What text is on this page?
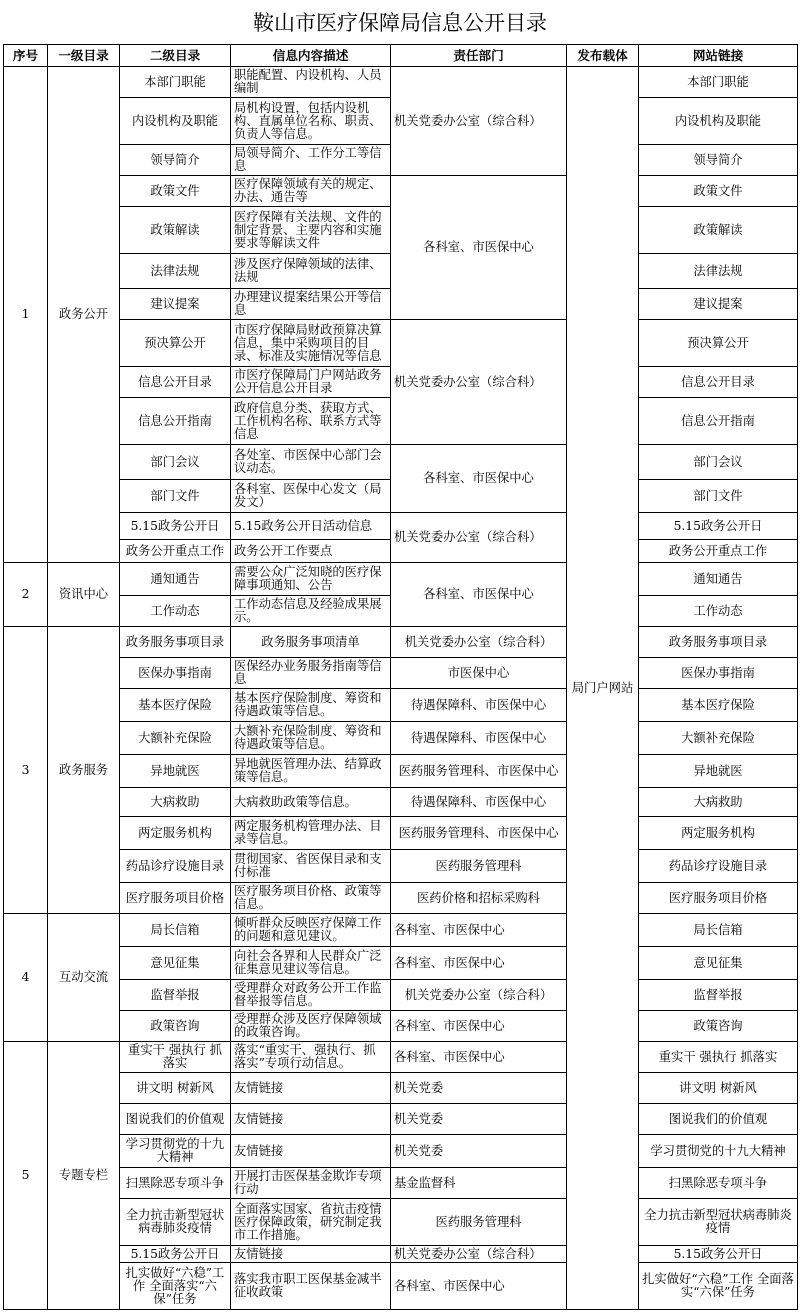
鞍山市医疗保障局信息公开目录
序号	一级目录	二级目录	信息内容描述	责任部门	发布载体	网站链接
1	政务公开	本部门职能	职能配置、内设机构、人员编制	机关党委办公室（综合科）	局门户网站	本部门职能
		内设机构及职能	局机构设置，包括内设机构、直属单位名称、职责、负责人等信息。			内设机构及职能
		领导简介	局领导简介、工作分工等信息			领导简介
		政策文件	医疗保障领域有关的规定、办法、通告等	各科室、市医保中心		政策文件
		政策解读	医疗保障有关法规、文件的制定背景、主要内容和实施要求等解读文件			政策解读
		法律法规	涉及医疗保障领域的法律、法规			法律法规
		建议提案	办理建议提案结果公开等信息			建议提案
		预决算公开	市医疗保障局财政预算决算信息，集中采购项目的目录、标准及实施情况等信息	机关党委办公室（综合科）		预决算公开
		信息公开目录	市医疗保障局门户网站政务公开信息公开目录			信息公开目录
		信息公开指南	政府信息分类、获取方式、工作机构名称、联系方式等信息			信息公开指南
		部门会议	各处室、市医保中心部门会议动态。	各科室、市医保中心		部门会议
		部门文件	各科室、医保中心发文（局发文）			部门文件
		5.15政务公开日	5.15政务公开日活动信息	机关党委办公室（综合科）		5.15政务公开日
		政务公开重点工作	政务公开工作要点			政务公开重点工作
2	资讯中心	通知通告	需要公众广泛知晓的医疗保障事项通知、公告	各科室、市医保中心		通知通告
		工作动态	工作动态信息及经验成果展示。			工作动态
3	政务服务	政务服务事项目录	政务服务事项清单	机关党委办公室（综合科）		政务服务事项目录
		医保办事指南	医保经办业务服务指南等信息	市医保中心		医保办事指南
		基本医疗保险	基本医疗保险制度、筹资和待遇政策等信息。	待遇保障科、市医保中心		基本医疗保险
		大额补充保险	大额补充保险制度、筹资和待遇政策等信息。	待遇保障科、市医保中心		大额补充保险
		异地就医	异地就医管理办法、结算政策等信息。	医药服务管理科、市医保中心		异地就医
		大病救助	大病救助政策等信息。	待遇保障科、市医保中心		大病救助
		两定服务机构	两定服务机构管理办法、目录等信息。	医药服务管理科、市医保中心		两定服务机构
		药品诊疗设施目录	贯彻国家、省医保目录和支付标准	医药服务管理科		药品诊疗设施目录
		医疗服务项目价格	医疗服务项目价格、政策等信息。	医药价格和招标采购科		医疗服务项目价格
4	互动交流	局长信箱	倾听群众反映医疗保障工作的问题和意见建议。	各科室、市医保中心		局长信箱
		意见征集	向社会各界和人民群众广泛征集意见建议等信息。	各科室、市医保中心		意见征集
		监督举报	受理群众对政务公开工作监督举报等信息。	机关党委办公室（综合科）		监督举报
		政策咨询	受理群众涉及医疗保障领域的政策咨询。	各科室、市医保中心		政策咨询
5	专题专栏	重实干 强执行 抓落实	落实“重实干、强执行、抓落实”专项行动信息。	各科室、市医保中心		重实干 强执行 抓落实
		讲文明 树新风	友情链接	机关党委		讲文明 树新风
		图说我们的价值观	友情链接	机关党委		图说我们的价值观
		学习贯彻党的十九大精神	友情链接	机关党委		学习贯彻党的十九大精神
		扫黑除恶专项斗争	开展打击医保基金欺诈专项行动	基金监督科		扫黑除恶专项斗争
		全力抗击新型冠状病毒肺炎疫情	全面落实国家、省抗击疫情医疗保障政策，研究制定我市工作措施。	医药服务管理科		全力抗击新型冠状病毒肺炎疫情
		5.15政务公开日	友情链接	机关党委办公室（综合科）		5.15政务公开日
		扎实做好“六稳”工作 全面落实“六保”任务	落实我市职工医保基金减半征收政策	各科室、市医保中心		扎实做好“六稳”工作 全面落实“六保”任务
